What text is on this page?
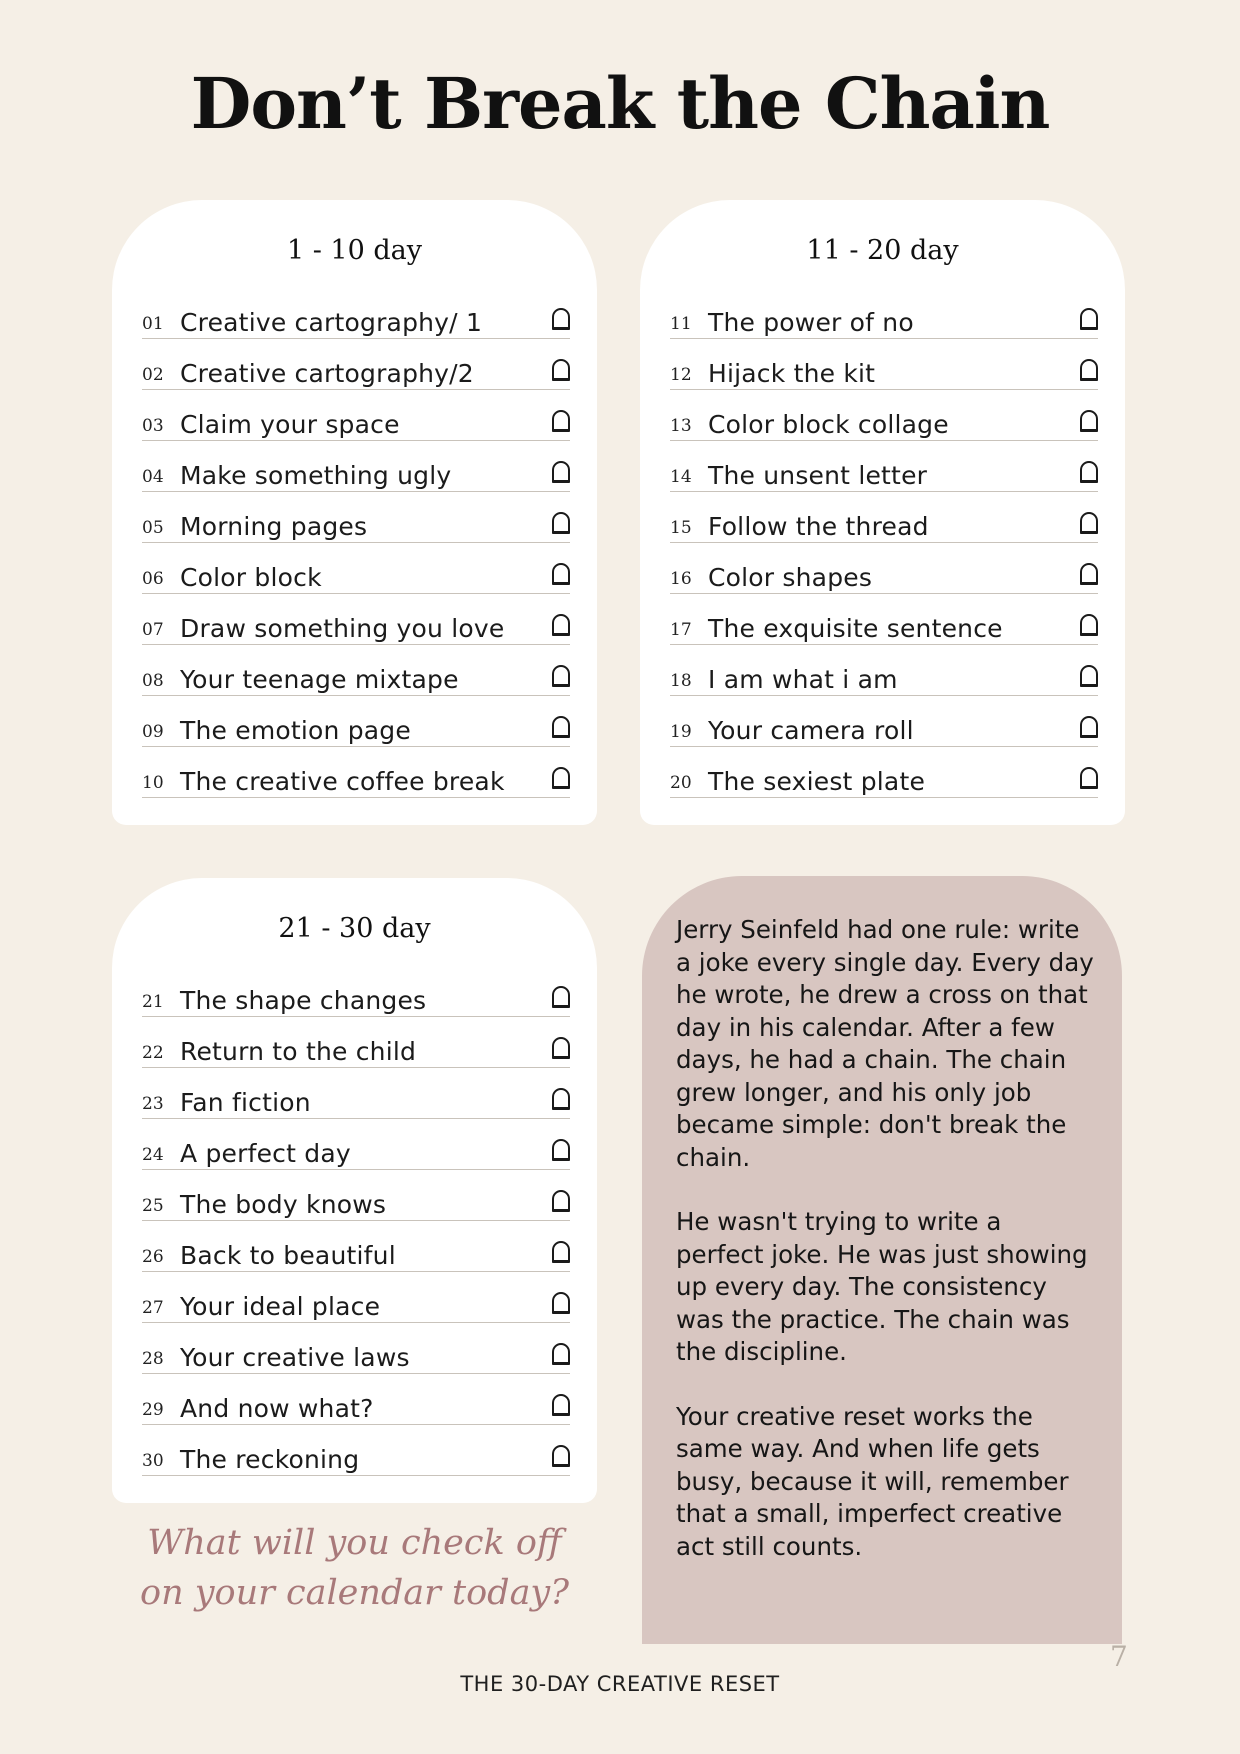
Don’t Break the Chain
1 - 10 day
01 Creative cartography/ 1
02 Creative cartography/2
03 Claim your space
04 Make something ugly
05 Morning pages
06 Color block
07 Draw something you love
08 Your teenage mixtape
09 The emotion page
10 The creative coffee break
11 - 20 day
11 The power of no
12 Hijack the kit
13 Color block collage
14 The unsent letter
15 Follow the thread
16 Color shapes
17 The exquisite sentence
18 I am what i am
19 Your camera roll
20 The sexiest plate
21 - 30 day
21 The shape changes
22 Return to the child
23 Fan fiction
24 A perfect day
25 The body knows
26 Back to beautiful
27 Your ideal place
28 Your creative laws
29 And now what?
30 The reckoning

Jerry Seinfeld had one rule: write a joke every single day. Every day he wrote, he drew a cross on that day in his calendar. After a few days, he had a chain. The chain grew longer, and his only job became simple: don't break the chain.

He wasn't trying to write a perfect joke. He was just showing up every day. The consistency was the practice. The chain was the discipline.

Your creative reset works the same way. And when life gets busy, because it will, remember that a small, imperfect creative act still counts.

What will you check off
on your calendar today?
7
THE 30-DAY CREATIVE RESET
